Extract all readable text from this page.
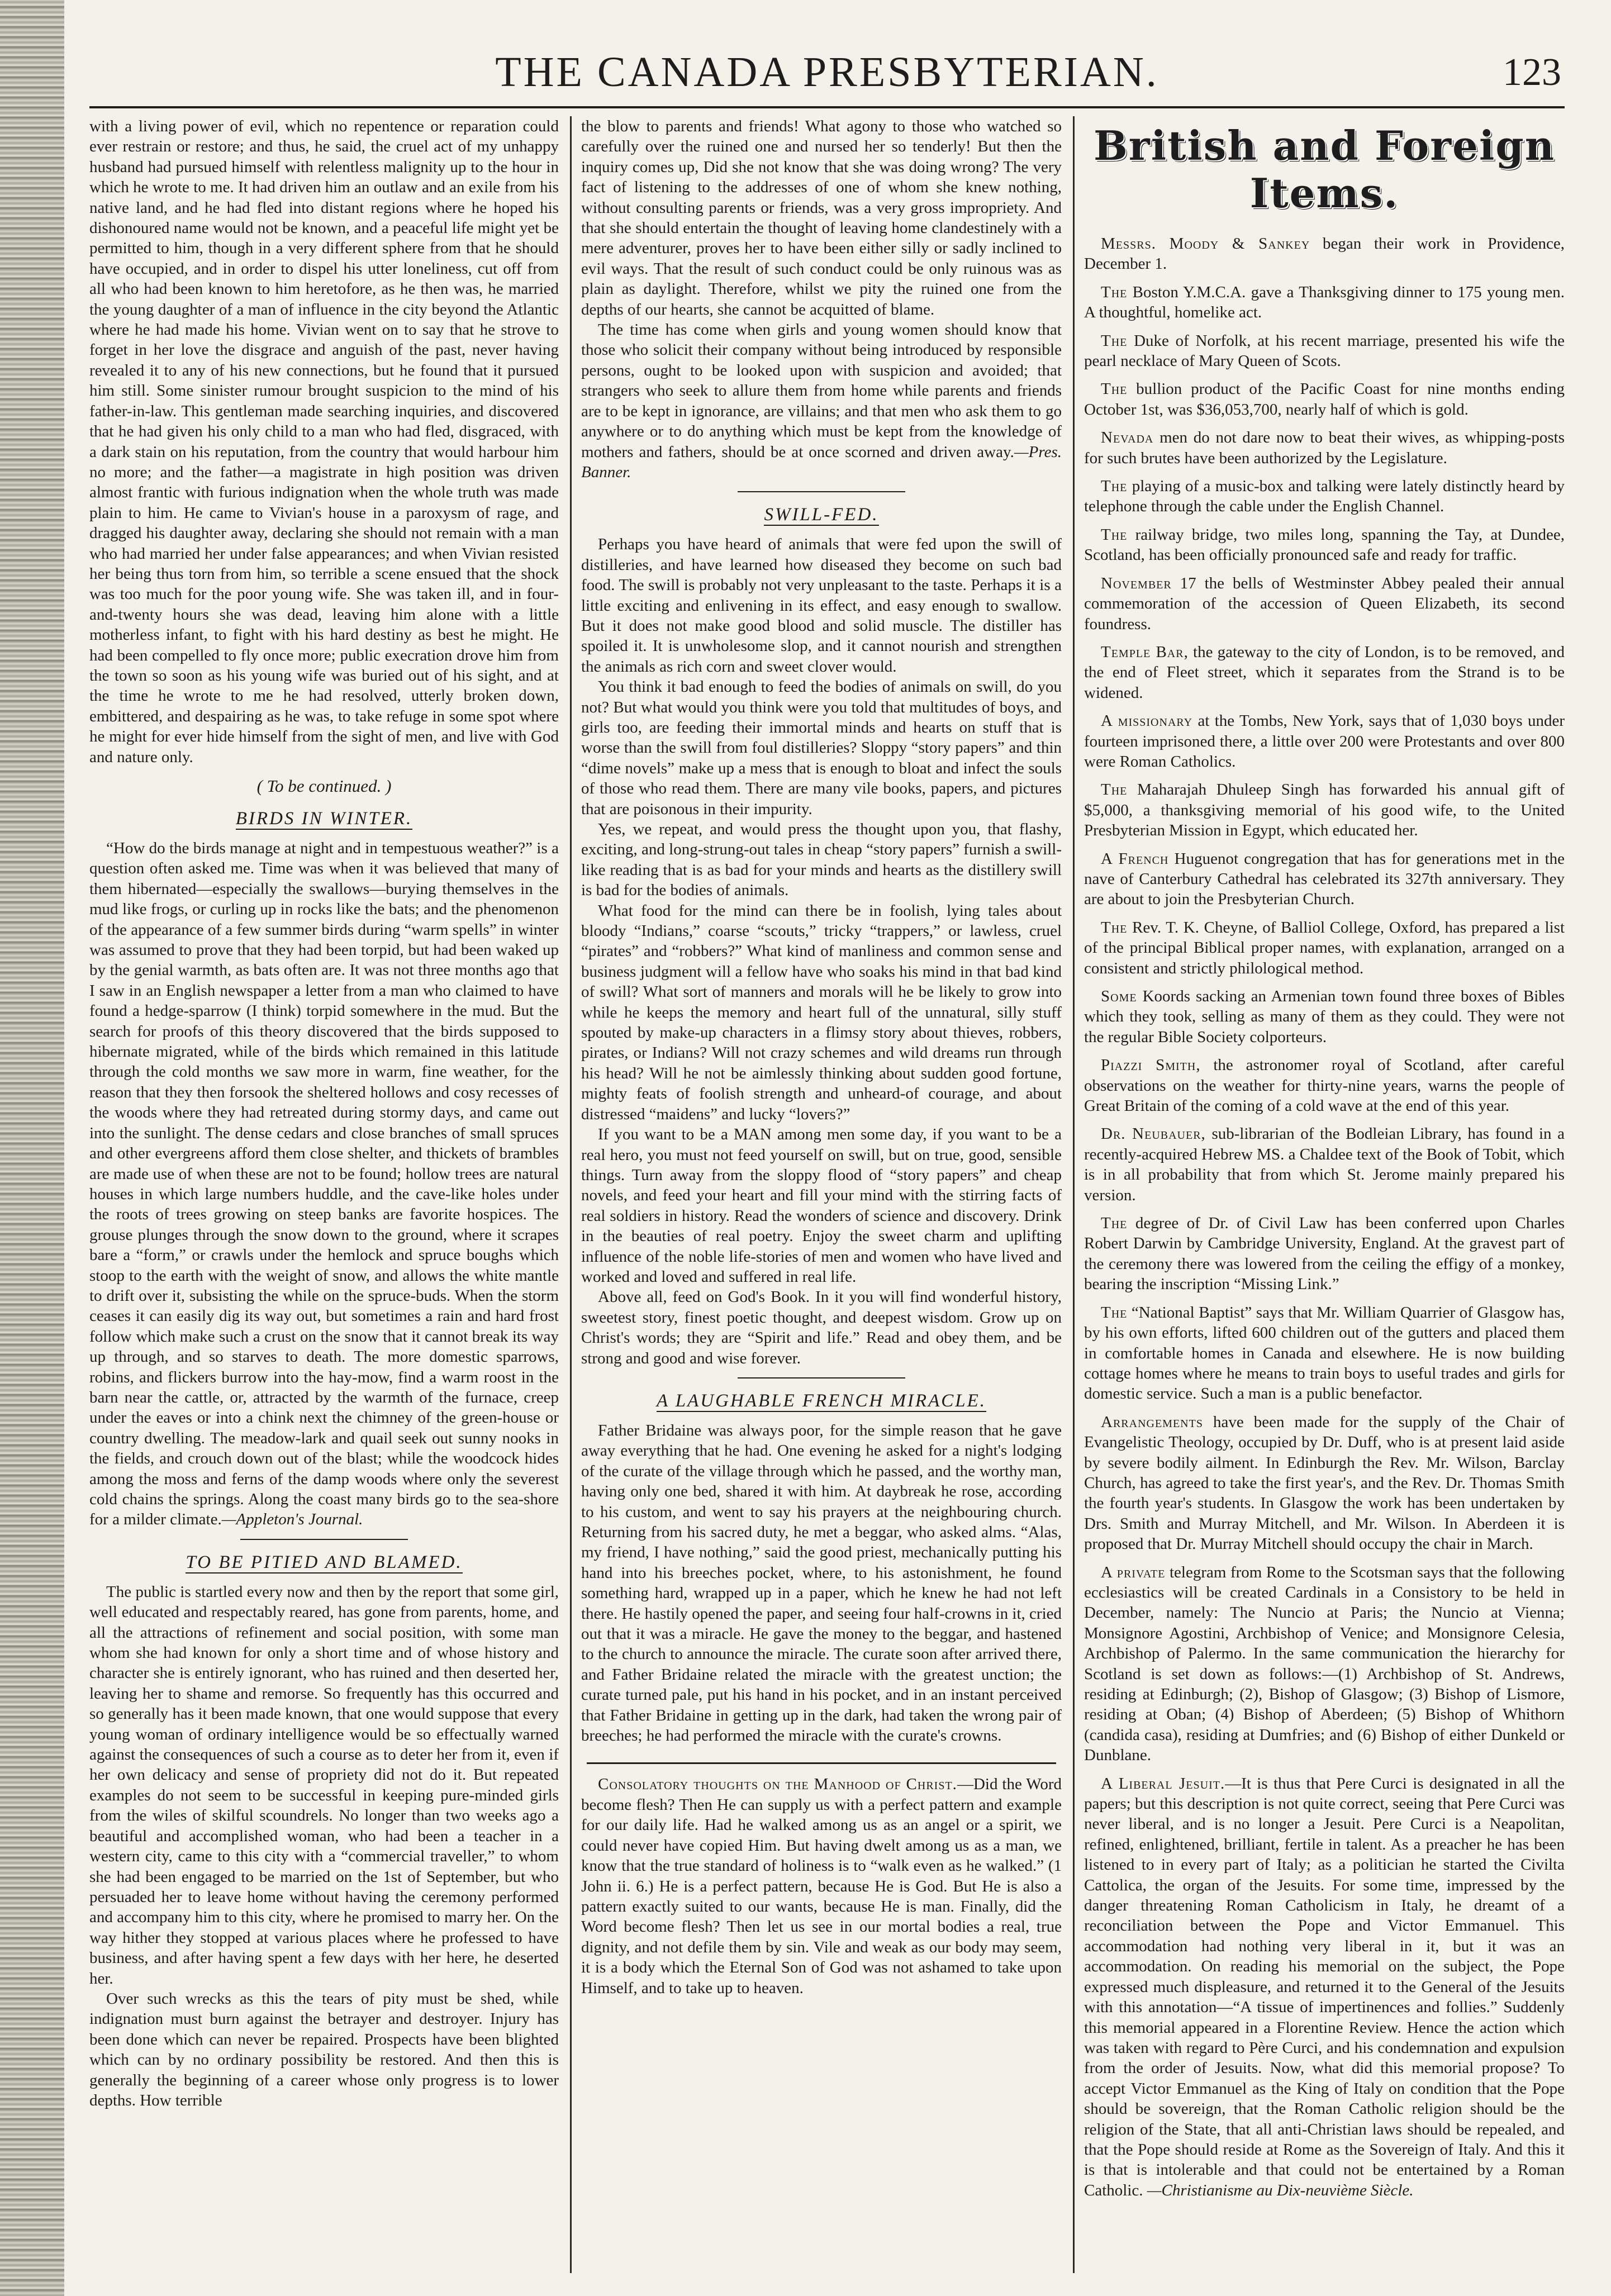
THE CANADA PRESBYTERIAN.	123

with a living power of evil, which no repentence or reparation could ever restrain or restore; and thus, he said, the cruel act of my unhappy husband had pursued himself with relentless malignity up to the hour in which he wrote to me. It had driven him an outlaw and an exile from his native land, and he had fled into distant regions where he hoped his dishonoured name would not be known, and a peaceful life might yet be permitted to him, though in a very different sphere from that he should have occupied, and in order to dispel his utter loneliness, cut off from all who had been known to him heretofore, as he then was, he married the young daughter of a man of influence in the city beyond the Atlantic where he had made his home. Vivian went on to say that he strove to forget in her love the disgrace and anguish of the past, never having revealed it to any of his new connections, but he found that it pursued him still. Some sinister rumour brought suspicion to the mind of his father-in-law. This gentleman made searching inquiries, and discovered that he had given his only child to a man who had fled, disgraced, with a dark stain on his reputation, from the country that would harbour him no more; and the father—a magistrate in high position was driven almost frantic with furious indignation when the whole truth was made plain to him. He came to Vivian's house in a paroxysm of rage, and dragged his daughter away, declaring she should not remain with a man who had married her under false appearances; and when Vivian resisted her being thus torn from him, so terrible a scene ensued that the shock was too much for the poor young wife. She was taken ill, and in four-and-twenty hours she was dead, leaving him alone with a little motherless infant, to fight with his hard destiny as best he might. He had been compelled to fly once more; public execration drove him from the town so soon as his young wife was buried out of his sight, and at the time he wrote to me he had resolved, utterly broken down, embittered, and despairing as he was, to take refuge in some spot where he might for ever hide himself from the sight of men, and live with God and nature only.

( To be continued. )
BIRDS IN WINTER.

“How do the birds manage at night and in tempestuous weather?” is a question often asked me. Time was when it was believed that many of them hibernated—especially the swallows—burying themselves in the mud like frogs, or curling up in rocks like the bats; and the phenomenon of the appearance of a few summer birds during “warm spells” in winter was assumed to prove that they had been torpid, but had been waked up by the genial warmth, as bats often are. It was not three months ago that I saw in an English newspaper a letter from a man who claimed to have found a hedge-sparrow (I think) torpid somewhere in the mud. But the search for proofs of this theory discovered that the birds supposed to hibernate migrated, while of the birds which remained in this latitude through the cold months we saw more in warm, fine weather, for the reason that they then forsook the sheltered hollows and cosy recesses of the woods where they had retreated during stormy days, and came out into the sunlight. The dense cedars and close branches of small spruces and other evergreens afford them close shelter, and thickets of brambles are made use of when these are not to be found; hollow trees are natural houses in which large numbers huddle, and the cave-like holes under the roots of trees growing on steep banks are favorite hospices. The grouse plunges through the snow down to the ground, where it scrapes bare a “form,” or crawls under the hemlock and spruce boughs which stoop to the earth with the weight of snow, and allows the white mantle to drift over it, subsisting the while on the spruce-buds. When the storm ceases it can easily dig its way out, but sometimes a rain and hard frost follow which make such a crust on the snow that it cannot break its way up through, and so starves to death. The more domestic sparrows, robins, and flickers burrow into the hay-mow, find a warm roost in the barn near the cattle, or, attracted by the warmth of the furnace, creep under the eaves or into a chink next the chimney of the green-house or country dwelling. The meadow-lark and quail seek out sunny nooks in the fields, and crouch down out of the blast; while the woodcock hides among the moss and ferns of the damp woods where only the severest cold chains the springs. Along the coast many birds go to the sea-shore for a milder climate.—Appleton's Journal.

TO BE PITIED AND BLAMED.

The public is startled every now and then by the report that some girl, well educated and respectably reared, has gone from parents, home, and all the attractions of refinement and social position, with some man whom she had known for only a short time and of whose history and character she is entirely ignorant, who has ruined and then deserted her, leaving her to shame and remorse. So frequently has this occurred and so generally has it been made known, that one would suppose that every young woman of ordinary intelligence would be so effectually warned against the consequences of such a course as to deter her from it, even if her own delicacy and sense of propriety did not do it. But repeated examples do not seem to be successful in keeping pure-minded girls from the wiles of skilful scoundrels. No longer than two weeks ago a beautiful and accomplished woman, who had been a teacher in a western city, came to this city with a “commercial traveller,” to whom she had been engaged to be married on the 1st of September, but who persuaded her to leave home without having the ceremony performed and accompany him to this city, where he promised to marry her. On the way hither they stopped at various places where he professed to have business, and after having spent a few days with her here, he deserted her.

Over such wrecks as this the tears of pity must be shed, while indignation must burn against the betrayer and destroyer. Injury has been done which can never be repaired. Prospects have been blighted which can by no ordinary possibility be restored. And then this is generally the beginning of a career whose only progress is to lower depths. How terrible

the blow to parents and friends! What agony to those who watched so carefully over the ruined one and nursed her so tenderly! But then the inquiry comes up, Did she not know that she was doing wrong? The very fact of listening to the addresses of one of whom she knew nothing, without consulting parents or friends, was a very gross impropriety. And that she should entertain the thought of leaving home clandestinely with a mere adventurer, proves her to have been either silly or sadly inclined to evil ways. That the result of such conduct could be only ruinous was as plain as daylight. Therefore, whilst we pity the ruined one from the depths of our hearts, she cannot be acquitted of blame.

The time has come when girls and young women should know that those who solicit their company without being introduced by responsible persons, ought to be looked upon with suspicion and avoided; that strangers who seek to allure them from home while parents and friends are to be kept in ignorance, are villains; and that men who ask them to go anywhere or to do anything which must be kept from the knowledge of mothers and fathers, should be at once scorned and driven away.—Pres. Banner.

SWILL-FED.

Perhaps you have heard of animals that were fed upon the swill of distilleries, and have learned how diseased they become on such bad food. The swill is probably not very unpleasant to the taste. Perhaps it is a little exciting and enlivening in its effect, and easy enough to swallow. But it does not make good blood and solid muscle. The distiller has spoiled it. It is unwholesome slop, and it cannot nourish and strengthen the animals as rich corn and sweet clover would.

You think it bad enough to feed the bodies of animals on swill, do you not? But what would you think were you told that multitudes of boys, and girls too, are feeding their immortal minds and hearts on stuff that is worse than the swill from foul distilleries? Sloppy “story papers” and thin “dime novels” make up a mess that is enough to bloat and infect the souls of those who read them. There are many vile books, papers, and pictures that are poisonous in their impurity.

Yes, we repeat, and would press the thought upon you, that flashy, exciting, and long-strung-out tales in cheap “story papers” furnish a swill-like reading that is as bad for your minds and hearts as the distillery swill is bad for the bodies of animals.

What food for the mind can there be in foolish, lying tales about bloody “Indians,” coarse “scouts,” tricky “trappers,” or lawless, cruel “pirates” and “robbers?” What kind of manliness and common sense and business judgment will a fellow have who soaks his mind in that bad kind of swill? What sort of manners and morals will he be likely to grow into while he keeps the memory and heart full of the unnatural, silly stuff spouted by make-up characters in a flimsy story about thieves, robbers, pirates, or Indians? Will not crazy schemes and wild dreams run through his head? Will he not be aimlessly thinking about sudden good fortune, mighty feats of foolish strength and unheard-of courage, and about distressed “maidens” and lucky “lovers?”

If you want to be a MAN among men some day, if you want to be a real hero, you must not feed yourself on swill, but on true, good, sensible things. Turn away from the sloppy flood of “story papers” and cheap novels, and feed your heart and fill your mind with the stirring facts of real soldiers in history. Read the wonders of science and discovery. Drink in the beauties of real poetry. Enjoy the sweet charm and uplifting influence of the noble life-stories of men and women who have lived and worked and loved and suffered in real life.

Above all, feed on God's Book. In it you will find wonderful history, sweetest story, finest poetic thought, and deepest wisdom. Grow up on Christ's words; they are “Spirit and life.” Read and obey them, and be strong and good and wise forever.

A LAUGHABLE FRENCH MIRACLE.

Father Bridaine was always poor, for the simple reason that he gave away everything that he had. One evening he asked for a night's lodging of the curate of the village through which he passed, and the worthy man, having only one bed, shared it with him. At daybreak he rose, according to his custom, and went to say his prayers at the neighbouring church. Returning from his sacred duty, he met a beggar, who asked alms. “Alas, my friend, I have nothing,” said the good priest, mechanically putting his hand into his breeches pocket, where, to his astonishment, he found something hard, wrapped up in a paper, which he knew he had not left there. He hastily opened the paper, and seeing four half-crowns in it, cried out that it was a miracle. He gave the money to the beggar, and hastened to the church to announce the miracle. The curate soon after arrived there, and Father Bridaine related the miracle with the greatest unction; the curate turned pale, put his hand in his pocket, and in an instant perceived that Father Bridaine in getting up in the dark, had taken the wrong pair of breeches; he had performed the miracle with the curate's crowns.

Consolatory thoughts on the Manhood of Christ.—Did the Word become flesh? Then He can supply us with a perfect pattern and example for our daily life. Had he walked among us as an angel or a spirit, we could never have copied Him. But having dwelt among us as a man, we know that the true standard of holiness is to “walk even as he walked.” (1 John ii. 6.) He is a perfect pattern, because He is God. But He is also a pattern exactly suited to our wants, because He is man. Finally, did the Word become flesh? Then let us see in our mortal bodies a real, true dignity, and not defile them by sin. Vile and weak as our body may seem, it is a body which the Eternal Son of God was not ashamed to take upon Himself, and to take up to heaven.

British and Foreign Items.

Messrs. Moody & Sankey began their work in Providence, December 1.

The Boston Y.M.C.A. gave a Thanksgiving dinner to 175 young men. A thoughtful, homelike act.

The Duke of Norfolk, at his recent marriage, presented his wife the pearl necklace of Mary Queen of Scots.

The bullion product of the Pacific Coast for nine months ending October 1st, was $36,053,700, nearly half of which is gold.

Nevada men do not dare now to beat their wives, as whipping-posts for such brutes have been authorized by the Legislature.

The playing of a music-box and talking were lately distinctly heard by telephone through the cable under the English Channel.

The railway bridge, two miles long, spanning the Tay, at Dundee, Scotland, has been officially pronounced safe and ready for traffic.

November 17 the bells of Westminster Abbey pealed their annual commemoration of the accession of Queen Elizabeth, its second foundress.

Temple Bar, the gateway to the city of London, is to be removed, and the end of Fleet street, which it separates from the Strand is to be widened.

A missionary at the Tombs, New York, says that of 1,030 boys under fourteen imprisoned there, a little over 200 were Protestants and over 800 were Roman Catholics.

The Maharajah Dhuleep Singh has forwarded his annual gift of $5,000, a thanksgiving memorial of his good wife, to the United Presbyterian Mission in Egypt, which educated her.

A French Huguenot congregation that has for generations met in the nave of Canterbury Cathedral has celebrated its 327th anniversary. They are about to join the Presbyterian Church.

The Rev. T. K. Cheyne, of Balliol College, Oxford, has prepared a list of the principal Biblical proper names, with explanation, arranged on a consistent and strictly philological method.

Some Koords sacking an Armenian town found three boxes of Bibles which they took, selling as many of them as they could. They were not the regular Bible Society colporteurs.

Piazzi Smith, the astronomer royal of Scotland, after careful observations on the weather for thirty-nine years, warns the people of Great Britain of the coming of a cold wave at the end of this year.

Dr. Neubauer, sub-librarian of the Bodleian Library, has found in a recently-acquired Hebrew MS. a Chaldee text of the Book of Tobit, which is in all probability that from which St. Jerome mainly prepared his version.

The degree of Dr. of Civil Law has been conferred upon Charles Robert Darwin by Cambridge University, England. At the gravest part of the ceremony there was lowered from the ceiling the effigy of a monkey, bearing the inscription “Missing Link.”

The “National Baptist” says that Mr. William Quarrier of Glasgow has, by his own efforts, lifted 600 children out of the gutters and placed them in comfortable homes in Canada and elsewhere. He is now building cottage homes where he means to train boys to useful trades and girls for domestic service. Such a man is a public benefactor.

Arrangements have been made for the supply of the Chair of Evangelistic Theology, occupied by Dr. Duff, who is at present laid aside by severe bodily ailment. In Edinburgh the Rev. Mr. Wilson, Barclay Church, has agreed to take the first year's, and the Rev. Dr. Thomas Smith the fourth year's students. In Glasgow the work has been undertaken by Drs. Smith and Murray Mitchell, and Mr. Wilson. In Aberdeen it is proposed that Dr. Murray Mitchell should occupy the chair in March.

A private telegram from Rome to the Scotsman says that the following ecclesiastics will be created Cardinals in a Consistory to be held in December, namely: The Nuncio at Paris; the Nuncio at Vienna; Monsignore Agostini, Archbishop of Venice; and Monsignore Celesia, Archbishop of Palermo. In the same communication the hierarchy for Scotland is set down as follows:—(1) Archbishop of St. Andrews, residing at Edinburgh; (2), Bishop of Glasgow; (3) Bishop of Lismore, residing at Oban; (4) Bishop of Aberdeen; (5) Bishop of Whithorn (candida casa), residing at Dumfries; and (6) Bishop of either Dunkeld or Dunblane.

A Liberal Jesuit.—It is thus that Pere Curci is designated in all the papers; but this description is not quite correct, seeing that Pere Curci was never liberal, and is no longer a Jesuit. Pere Curci is a Neapolitan, refined, enlightened, brilliant, fertile in talent. As a preacher he has been listened to in every part of Italy; as a politician he started the Civilta Cattolica, the organ of the Jesuits. For some time, impressed by the danger threatening Roman Catholicism in Italy, he dreamt of a reconciliation between the Pope and Victor Emmanuel. This accommodation had nothing very liberal in it, but it was an accommodation. On reading his memorial on the subject, the Pope expressed much displeasure, and returned it to the General of the Jesuits with this annotation—“A tissue of impertinences and follies.” Suddenly this memorial appeared in a Florentine Review. Hence the action which was taken with regard to Père Curci, and his condemnation and expulsion from the order of Jesuits. Now, what did this memorial propose? To accept Victor Emmanuel as the King of Italy on condition that the Pope should be sovereign, that the Roman Catholic religion should be the religion of the State, that all anti-Christian laws should be repealed, and that the Pope should reside at Rome as the Sovereign of Italy. And this it is that is intolerable and that could not be entertained by a Roman Catholic. —Christianisme au Dix-neuvième Siècle.
